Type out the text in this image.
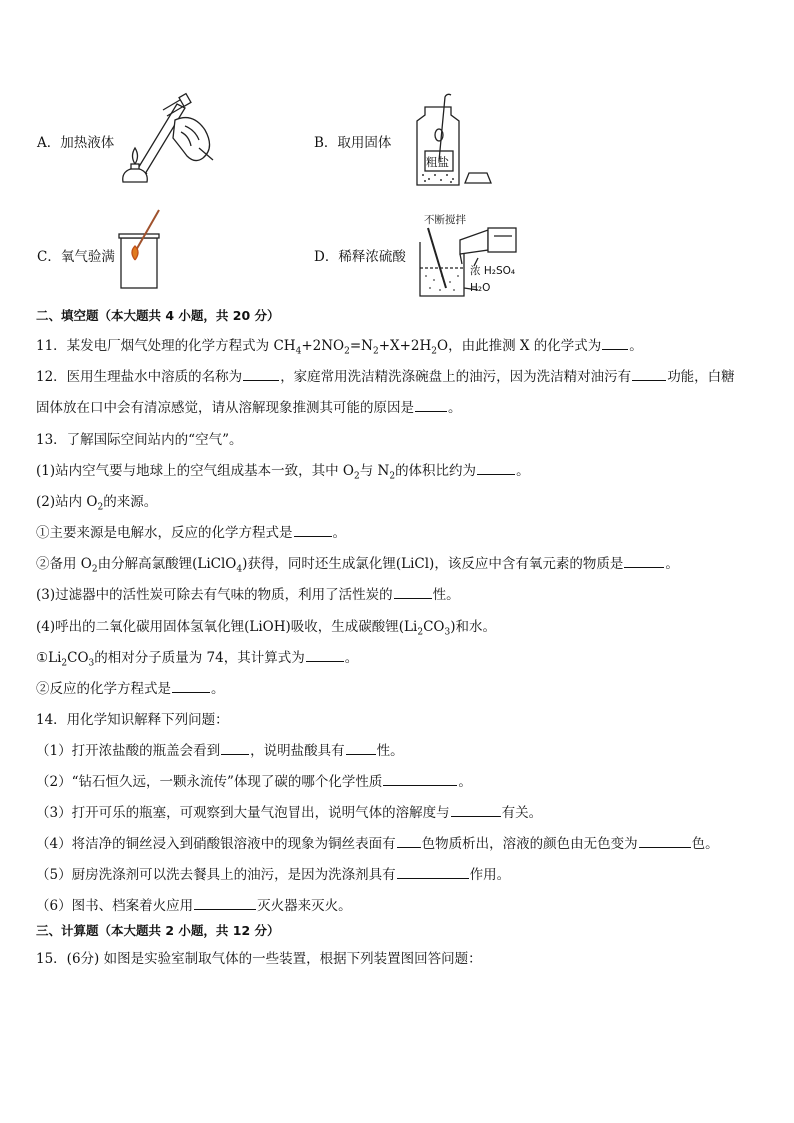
A．加热液体	B．取用固体
粗盐
C．氧气验满	D．稀释浓硫酸
不断搅拌
浓 H₂SO₄
H₂O
二、填空题（本大题共 4 小题，共 20 分）
11．某发电厂烟气处理的化学方程式为 $CH_4+2NO_2=N_2+X+2H_2O$，由此推测 X 的化学式为 。
12．医用生理盐水中溶质的名称为	，家庭常用洗洁精洗涤碗盘上的油污，因为洗洁精对油污有	功能，白糖
固体放在口中会有清凉感觉，请从溶解现象推测其可能的原因是	。
13．了解国际空间站内的“空气”。
(1)站内空气要与地球上的空气组成基本一致，其中 $O_2$与 $N_2$的体积比约为	。
(2)站内 $O_2$的来源。
①主要来源是电解水，反应的化学方程式是	。
②备用 $O_2$由分解高氯酸锂(LiClO$_4$)获得，同时还生成氯化锂(LiCl)，该反应中含有氧元素的物质是	。
(3)过滤器中的活性炭可除去有气味的物质，利用了活性炭的	性。
(4)呼出的二氧化碳用固体氢氧化锂(LiOH)吸收，生成碳酸锂$(Li_2CO_3)$和水。
$①Li_2CO_3$的相对分子质量为 74，其计算式为	。
②反应的化学方程式是	。
14．用化学知识解释下列问题：
（1）打开浓盐酸的瓶盖会看到 ，说明盐酸具有 性。
（2）“钻石恒久远，一颗永流传”体现了碳的哪个化学性质	。
（3）打开可乐的瓶塞，可观察到大量气泡冒出，说明气体的溶解度与	有关。
（4）将洁净的铜丝浸入到硝酸银溶液中的现象为铜丝表面有 色物质析出，溶液的颜色由无色变为	色。
（5）厨房洗涤剂可以洗去餐具上的油污，是因为洗涤剂具有	作用。
（6）图书、档案着火应用	灭火器来灭火。
三、计算题（本大题共 2 小题，共 12 分）
15．(6分) 如图是实验室制取气体的一些装置，根据下列装置图回答问题：
